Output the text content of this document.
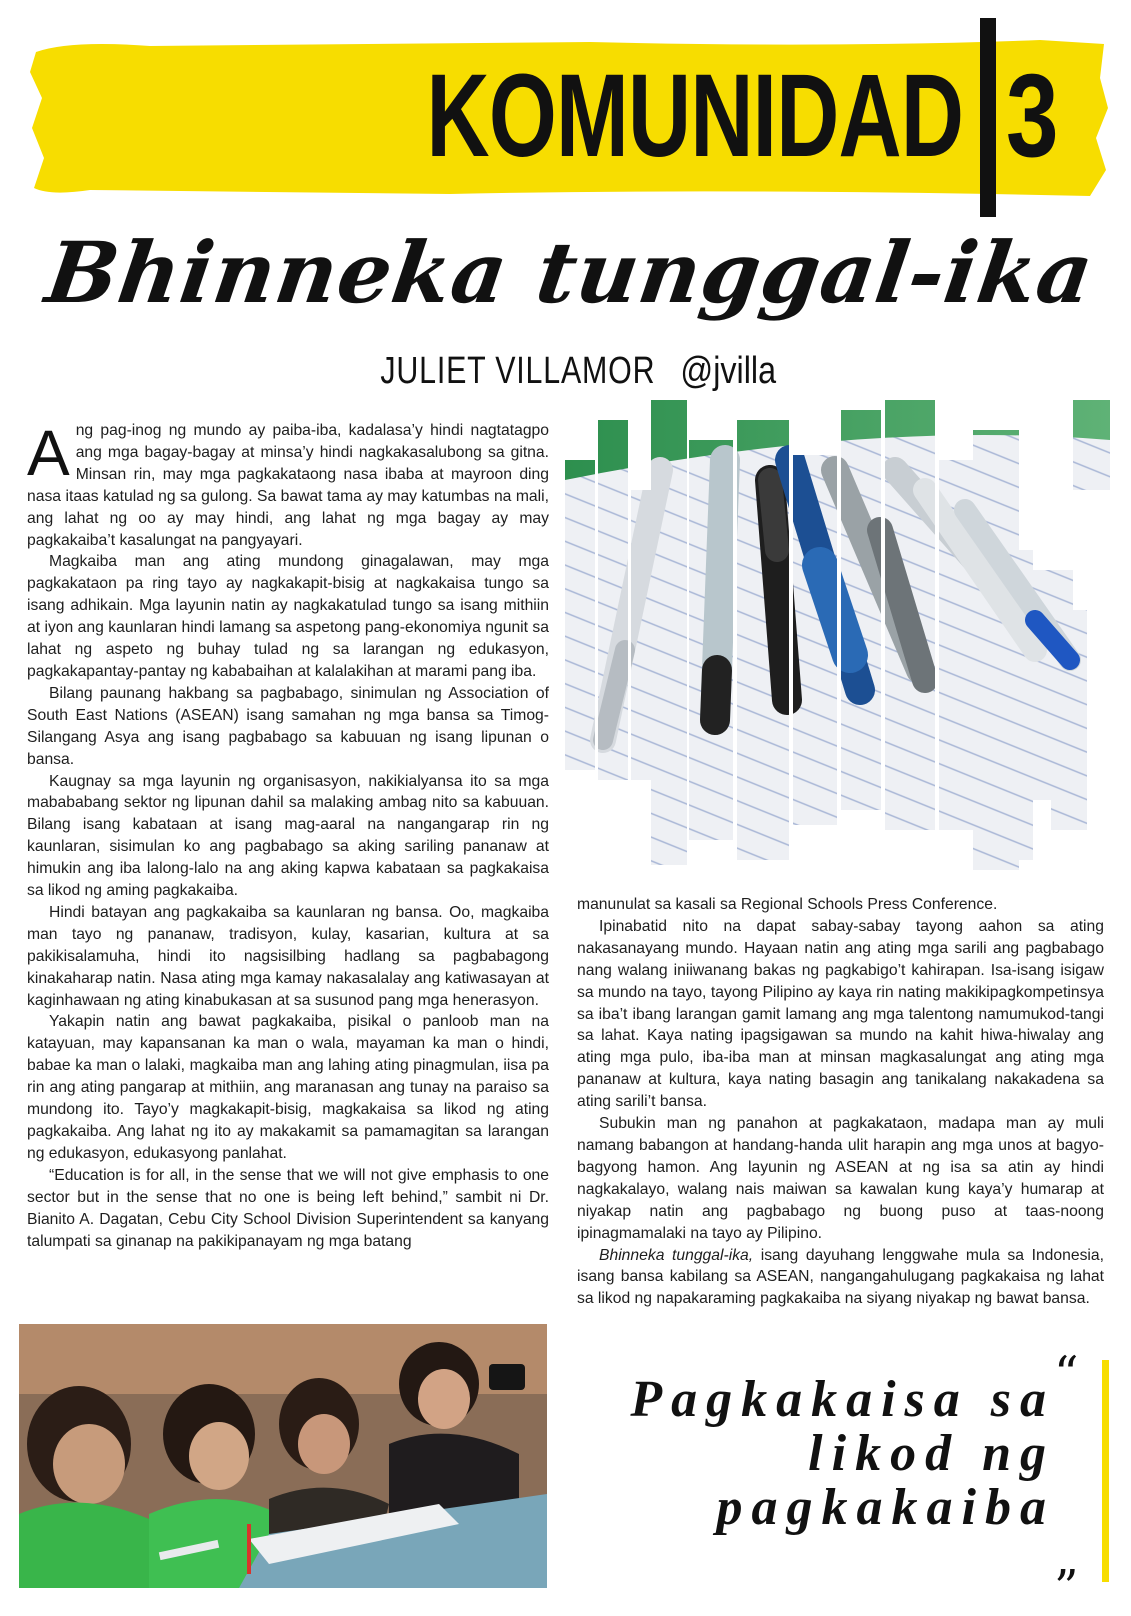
KOMUNIDAD 3
Bhinneka tunggal-ika
JULIET VILLAMOR @jvilla

Ang pag-inog ng mundo ay paiba-iba, kadalasa’y hindi nagtatagpo ang mga bagay-bagay at minsa’y hindi nagkakasalubong sa gitna. Minsan rin, may mga pagkakataong nasa ibaba at mayroon ding nasa itaas katulad ng sa gulong. Sa bawat tama ay may katumbas na mali, ang lahat ng oo ay may hindi, ang lahat ng mga bagay ay may pagkakaiba’t kasalungat na pangyayari.

Magkaiba man ang ating mundong ginagalawan, may mga pagkakataon pa ring tayo ay nagkakapit-bisig at nagkakaisa tungo sa isang adhikain. Mga layunin natin ay nagkakatulad tungo sa isang mithiin at iyon ang kaunlaran hindi lamang sa aspetong pang-ekonomiya ngunit sa lahat ng aspeto ng buhay tulad ng sa larangan ng edukasyon, pagkakapantay-pantay ng kababaihan at kalalakihan at marami pang iba.

Bilang paunang hakbang sa pagbabago, sinimulan ng Association of South East Nations (ASEAN) isang samahan ng mga bansa sa Timog-Silangang Asya ang isang pagbabago sa kabuuan ng isang lipunan o bansa.

Kaugnay sa mga layunin ng organisasyon, nakikialyansa ito sa mga mabababang sektor ng lipunan dahil sa malaking ambag nito sa kabuuan. Bilang isang kabataan at isang mag-aaral na nangangarap rin ng kaunlaran, sisimulan ko ang pagbabago sa aking sariling pananaw at himukin ang iba lalong-lalo na ang aking kapwa kabataan sa pagkakaisa sa likod ng aming pagkakaiba.

Hindi batayan ang pagkakaiba sa kaunlaran ng bansa. Oo, magkaiba man tayo ng pananaw, tradisyon, kulay, kasarian, kultura at sa pakikisalamuha, hindi ito nagsisilbing hadlang sa pagbabagong kinakaharap natin. Nasa ating mga kamay nakasalalay ang katiwasayan at kaginhawaan ng ating kinabukasan at sa susunod pang mga henerasyon.

Yakapin natin ang bawat pagkakaiba, pisikal o panloob man na katayuan, may kapansanan ka man o wala, mayaman ka man o hindi, babae ka man o lalaki, magkaiba man ang lahing ating pinagmulan, iisa pa rin ang ating pangarap at mithiin, ang maranasan ang tunay na paraiso sa mundong ito. Tayo’y magkakapit-bisig, magkakaisa sa likod ng ating pagkakaiba. Ang lahat ng ito ay makakamit sa pamamagitan sa larangan ng edukasyon, edukasyong panlahat.

“Education is for all, in the sense that we will not give emphasis to one sector but in the sense that no one is being left behind,” sambit ni Dr. Bianito A. Dagatan, Cebu City School Division Superintendent sa kanyang talumpati sa ginanap na pakikipanayam ng mga batang

manunulat sa kasali sa Regional Schools Press Conference.

Ipinabatid nito na dapat sabay-sabay tayong aahon sa ating nakasanayang mundo. Hayaan natin ang ating mga sarili ang pagbabago nang walang iniiwanang bakas ng pagkabigo’t kahirapan. Isa-isang isigaw sa mundo na tayo, tayong Pilipino ay kaya rin nating makikipagkompetinsya sa iba’t ibang larangan gamit lamang ang mga talentong namumukod-tangi sa lahat. Kaya nating ipagsigawan sa mundo na kahit hiwa-hiwalay ang ating mga pulo, iba-iba man at minsan magkasalungat ang ating mga pananaw at kultura, kaya nating basagin ang tanikalang nakakadena sa ating sarili’t bansa.

Subukin man ng panahon at pagkakataon, madapa man ay muli namang babangon at handang-handa ulit harapin ang mga unos at bagyo-bagyong hamon. Ang layunin ng ASEAN at ng isa sa atin ay hindi nagkakalayo, walang nais maiwan sa kawalan kung kaya’y humarap at niyakap natin ang pagbabago ng buong puso at taas-noong ipinagmamalaki na tayo ay Pilipino.

Bhinneka tunggal-ika, isang dayuhang lenggwahe mula sa Indonesia, isang bansa kabilang sa ASEAN, nangangahulugang pagkakaisa ng lahat sa likod ng napakaraming pagkakaiba na siyang niyakap ng bawat bansa.

“
Pagkakaisa sa
likod ng
pagkakaiba
”
